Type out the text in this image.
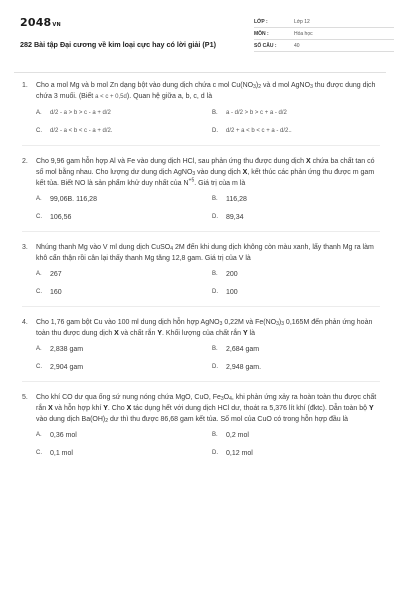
2048VN
282 Bài tập Đại cương về kim loại cực hay có lời giải (P1)
LỚP :	Lớp 12
MÔN :	Hóa học
SỐ CÂU :	40
1.	Cho a mol Mg và b mol Zn dạng bột vào dung dịch chứa c mol $Cu(NO_3)_2$ và d mol AgNO$_3$ thu được dung dịch chứa 3 muối. (Biết a < c + 0,5d). Quan hệ giữa a, b, c, d là
A.	d/2 - a > b > c - a + d/2	B.	a - d/2 > b > c + a - d/2
C.	d/2 - a < b < c - a + d/2.	D.	d/2 + a < b < c + a - d/2..
2.	Cho 9,96 gam hỗn hợp Al và Fe vào dung dịch HCl, sau phản ứng thu được dung dịch X chứa ba chất tan có số mol bằng nhau. Cho lượng dư dung dịch AgNO$_3$ vào dung dịch X, kết thúc các phản ứng thu được m gam kết tủa. Biết NO là sản phẩm khử duy nhất của $N^{+5}$. Giá trị của m là
A.	99,06B. 116,28	B.	116,28
C.	106,56	D.	89,34
3.	Nhúng thanh Mg vào V ml dung dịch CuSO$_4$ 2M đến khi dung dịch không còn màu xanh, lấy thanh Mg ra làm khô cẩn thận rồi cân lại thấy thanh Mg tăng 12,8 gam. Giá trị của V là
A.	267	B.	200
C.	160	D.	100
4.	Cho 1,76 gam bột Cu vào 100 ml dung dịch hỗn hợp AgNO$_3$ 0,22M và $Fe(NO_3)_3$ 0,165M đến phản ứng hoàn toàn thu được dung dịch X và chất rắn Y. Khối lượng của chất rắn Y là
A.	2,838 gam	B.	2,684 gam
C.	2,904 gam	D.	2,948 gam.
5.	Cho khí CO dư qua ống sứ nung nóng chứa MgO, CuO, $Fe_3O_4$, khi phản ứng xảy ra hoàn toàn thu được chất rắn X và hỗn hợp khí Y. Cho X tác dụng hết với dung dịch HCl dư, thoát ra 5,376 lít khí (đktc). Dẫn toàn bộ Y vào dung dịch $Ba(OH)_2$ dư thì thu được 86,68 gam kết tủa. Số mol của CuO có trong hỗn hợp đầu là
A.	0,36 mol	B.	0,2 mol
C.	0,1 mol	D.	0,12 mol
